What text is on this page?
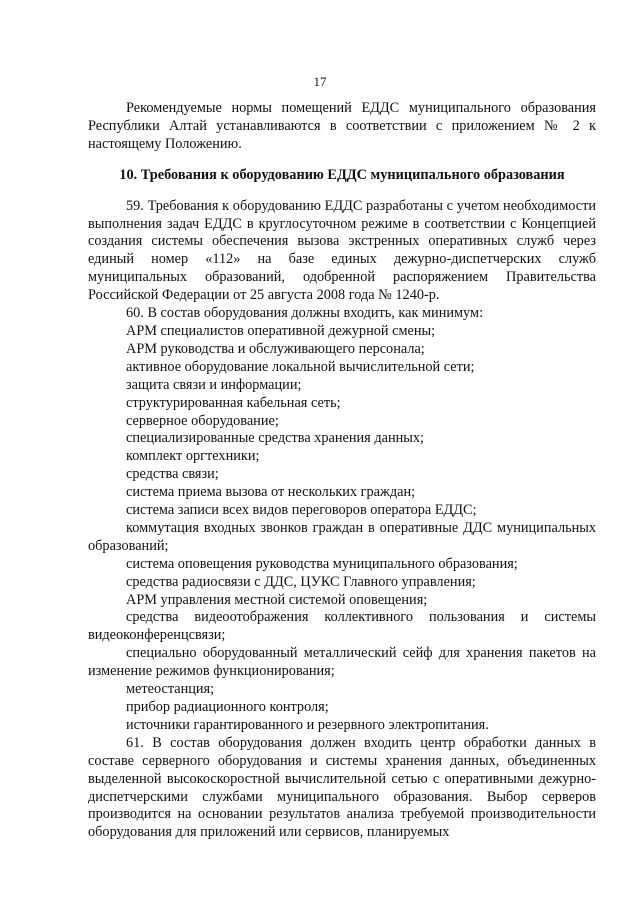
17

Рекомендуемые нормы помещений ЕДДС муниципального образования Республики Алтай устанавливаются в соответствии с приложением № 2 к настоящему Положению.

10. Требования к оборудованию ЕДДС муниципального образования

59. Требования к оборудованию ЕДДС разработаны с учетом необходимости выполнения задач ЕДДС в круглосуточном режиме в соответствии с Концепцией создания системы обеспечения вызова экстренных оперативных служб через единый номер «112» на базе единых дежурно-диспетчерских служб муниципальных образований, одобренной распоряжением Правительства Российской Федерации от 25 августа 2008 года № 1240-р.

60. В состав оборудования должны входить, как минимум:

АРМ специалистов оперативной дежурной смены;
АРМ руководства и обслуживающего персонала;
активное оборудование локальной вычислительной сети;
защита связи и информации;
структурированная кабельная сеть;
серверное оборудование;
специализированные средства хранения данных;
комплект оргтехники;
средства связи;
система приема вызова от нескольких граждан;
система записи всех видов переговоров оператора ЕДДС;
коммутация входных звонков граждан в оперативные ДДС муниципальных образований;
система оповещения руководства муниципального образования;
средства радиосвязи с ДДС, ЦУКС Главного управления;
АРМ управления местной системой оповещения;
средства видеоотображения коллективного пользования и системы видеоконференцсвязи;
специально оборудованный металлический сейф для хранения пакетов на изменение режимов функционирования;
метеостанция;
прибор радиационного контроля;
источники гарантированного и резервного электропитания.

61. В состав оборудования должен входить центр обработки данных в составе серверного оборудования и системы хранения данных, объединенных выделенной высокоскоростной вычислительной сетью с оперативными дежурно-диспетчерскими службами муниципального образования. Выбор серверов производится на основании результатов анализа требуемой производительности оборудования для приложений или сервисов, планируемых
